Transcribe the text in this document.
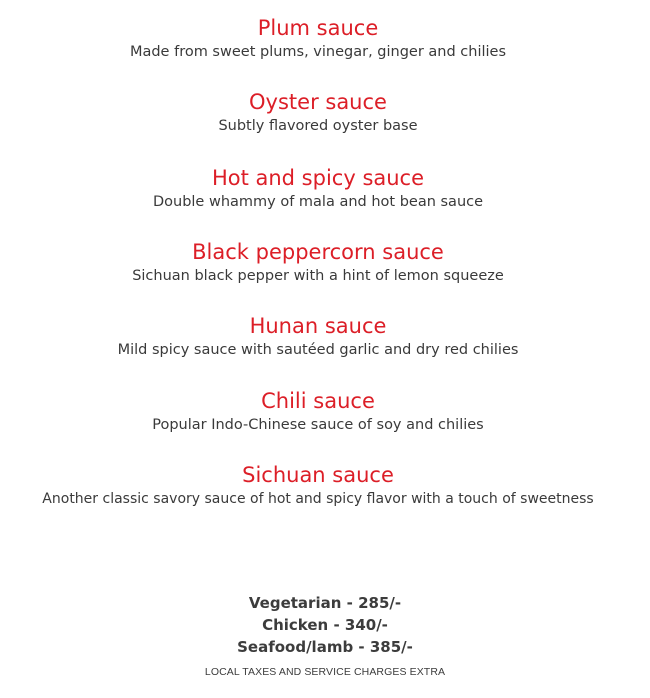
Plum sauce
Made from sweet plums, vinegar, ginger and chilies
Oyster sauce
Subtly flavored oyster base
Hot and spicy sauce
Double whammy of mala and hot bean sauce
Black peppercorn sauce
Sichuan black pepper with a hint of lemon squeeze
Hunan sauce
Mild spicy sauce with sautéed garlic and dry red chilies
Chili sauce
Popular Indo-Chinese sauce of soy and chilies
Sichuan sauce
Another classic savory sauce of hot and spicy flavor with a touch of sweetness
Vegetarian - 285/-
Chicken - 340/-
Seafood/lamb - 385/-
LOCAL TAXES AND SERVICE CHARGES EXTRA
